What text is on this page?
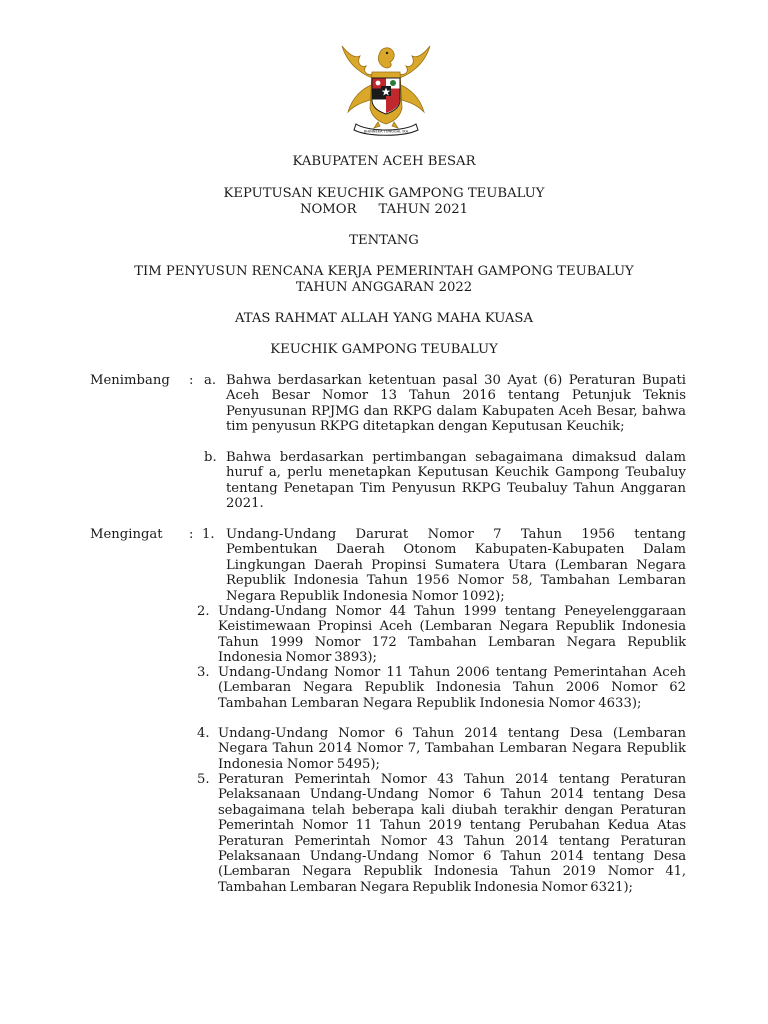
BHINNEKA TUNGGAL IKA
KABUPATEN ACEH BESAR
KEPUTUSAN KEUCHIK GAMPONG TEUBALUY
NOMOR TAHUN 2021
TENTANG
TIM PENYUSUN RENCANA KERJA PEMERINTAH GAMPONG TEUBALUY
TAHUN ANGGARAN 2022
ATAS RAHMAT ALLAH YANG MAHA KUASA
KEUCHIK GAMPONG TEUBALUY
Menimbang : a. Bahwa berdasarkan ketentuan pasal 30 Ayat (6) Peraturan Bupati Aceh Besar Nomor 13 Tahun 2016 tentang Petunjuk Teknis Penyusunan RPJMG dan RKPG dalam Kabupaten Aceh Besar, bahwa tim penyusun RKPG ditetapkan dengan Keputusan Keuchik;

b. Bahwa berdasarkan pertimbangan sebagaimana dimaksud dalam huruf a, perlu menetapkan Keputusan Keuchik Gampong Teubaluy tentang Penetapan Tim Penyusun RKPG Teubaluy Tahun Anggaran 2021.

Mengingat : 1. Undang-Undang Darurat Nomor 7 Tahun 1956 tentang Pembentukan Daerah Otonom Kabupaten-Kabupaten Dalam Lingkungan Daerah Propinsi Sumatera Utara (Lembaran Negara Republik Indonesia Tahun 1956 Nomor 58, Tambahan Lembaran Negara Republik Indonesia Nomor 1092);

2. Undang-Undang Nomor 44 Tahun 1999 tentang Peneyelenggaraan Keistimewaan Propinsi Aceh (Lembaran Negara Republik Indonesia Tahun 1999 Nomor 172 Tambahan Lembaran Negara Republik Indonesia Nomor 3893);

3. Undang-Undang Nomor 11 Tahun 2006 tentang Pemerintahan Aceh (Lembaran Negara Republik Indonesia Tahun 2006 Nomor 62 Tambahan Lembaran Negara Republik Indonesia Nomor 4633);

4. Undang-Undang Nomor 6 Tahun 2014 tentang Desa (Lembaran Negara Tahun 2014 Nomor 7, Tambahan Lembaran Negara Republik Indonesia Nomor 5495);

5. Peraturan Pemerintah Nomor 43 Tahun 2014 tentang Peraturan Pelaksanaan Undang-Undang Nomor 6 Tahun 2014 tentang Desa sebagaimana telah beberapa kali diubah terakhir dengan Peraturan Pemerintah Nomor 11 Tahun 2019 tentang Perubahan Kedua Atas Peraturan Pemerintah Nomor 43 Tahun 2014 tentang Peraturan Pelaksanaan Undang-Undang Nomor 6 Tahun 2014 tentang Desa (Lembaran Negara Republik Indonesia Tahun 2019 Nomor 41, Tambahan Lembaran Negara Republik Indonesia Nomor 6321);
